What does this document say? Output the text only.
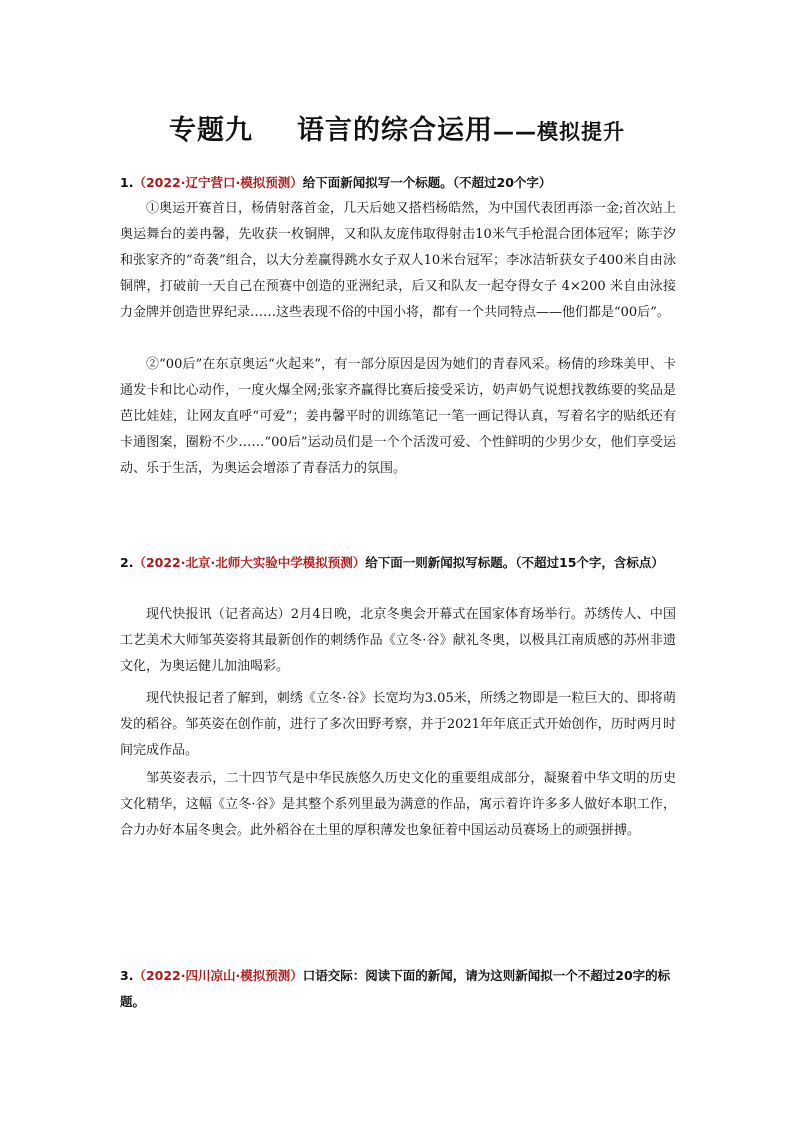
专题九 语言的综合运用——模拟提升
1.（2022·辽宁营口·模拟预测）给下面新闻拟写一个标题。（不超过20个字）
①奥运开赛首日，杨倩射落首金，几天后她又搭档杨皓然，为中国代表团再添一金;首次站上奥运舞台的姜冉馨，先收获一枚铜牌，又和队友庞伟取得射击10米气手枪混合团体冠军；陈芋汐和张家齐的“奇袭”组合，以大分差赢得跳水女子双人10米台冠军；李冰洁斩获女子400米自由泳铜牌，打破前一天自己在预赛中创造的亚洲纪录，后又和队友一起夺得女子 4×200 米自由泳接力金牌并创造世界纪录……这些表现不俗的中国小将，都有一个共同特点——他们都是“00后”。
②“00后”在东京奥运“火起来”，有一部分原因是因为她们的青春风采。杨倩的珍珠美甲、卡通发卡和比心动作，一度火爆全网;张家齐赢得比赛后接受采访，奶声奶气说想找教练要的奖品是芭比娃娃，让网友直呼“可爱”；姜冉馨平时的训练笔记一笔一画记得认真，写着名字的贴纸还有卡通图案，圈粉不少……“00后”运动员们是一个个活泼可爱、个性鲜明的少男少女，他们享受运动、乐于生活，为奥运会增添了青春活力的氛围。
2.（2022·北京·北师大实验中学模拟预测）给下面一则新闻拟写标题。（不超过15个字，含标点）
现代快报讯（记者高达）2月4日晚，北京冬奥会开幕式在国家体育场举行。苏绣传人、中国工艺美术大师邹英姿将其最新创作的刺绣作品《立冬·谷》献礼冬奥，以极具江南质感的苏州非遗文化，为奥运健儿加油喝彩。
现代快报记者了解到，刺绣《立冬·谷》长宽均为3.05米，所绣之物即是一粒巨大的、即将萌发的稻谷。邹英姿在创作前，进行了多次田野考察，并于2021年年底正式开始创作，历时两月时间完成作品。
邹英姿表示，二十四节气是中华民族悠久历史文化的重要组成部分，凝聚着中华文明的历史文化精华，这幅《立冬·谷》是其整个系列里最为满意的作品，寓示着许许多多人做好本职工作，合力办好本届冬奥会。此外稻谷在土里的厚积薄发也象征着中国运动员赛场上的顽强拼搏。
3.（2022·四川凉山·模拟预测）口语交际：阅读下面的新闻，请为这则新闻拟一个不超过20字的标题。
